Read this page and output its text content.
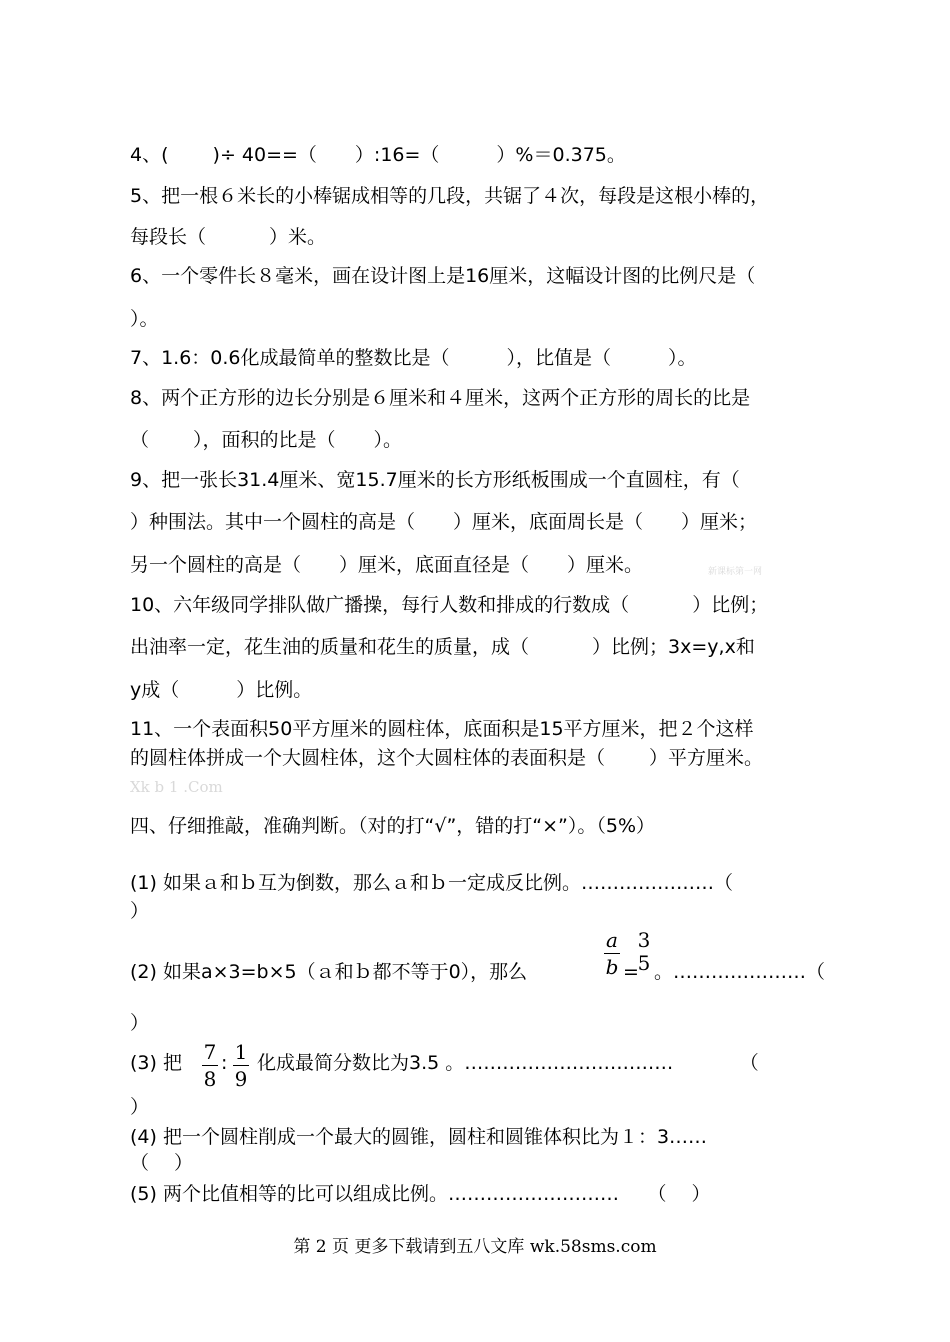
4、(　　 )÷ 40==（　　）:16=（　　　）%＝0.375。
5、把一根６米长的小棒锯成相等的几段，共锯了４次，每段是这根小棒的，
每段长（　　 　）米。
6、一个零件长８毫米，画在设计图上是16厘米，这幅设计图的比例尺是（
）。
7、1.6：0.6化成最简单的整数比是（　　　），比值是（　　　）。
8、两个正方形的边长分别是６厘米和４厘米，这两个正方形的周长的比是
（　　 ），面积的比是（　　）。
9、把一张长31.4厘米、宽15.7厘米的长方形纸板围成一个直圆柱，有（
）种围法。其中一个圆柱的高是（　　）厘米，底面周长是（　　）厘米；
另一个圆柱的高是（　　）厘米，底面直径是（　　）厘米。
10、六年级同学排队做广播操，每行人数和排成的行数成（　　　 ）比例；
出油率一定，花生油的质量和花生的质量，成（　　　 ）比例；3x=y,x和
y成（　　　）比例。
11、一个表面积50平方厘米的圆柱体，底面积是15平方厘米，把２个这样
的圆柱体拼成一个大圆柱体，这个大圆柱体的表面积是（　　 ）平方厘米。
新课标第一网
Xk b 1 .Com
四、仔细推敲，准确判断。（对的打“√”，错的打“×”）。（5%）
(1) 如果ａ和ｂ互为倒数，那么ａ和ｂ一定成反比例。…………………（
）
(2) 如果a×3=b×5（ａ和ｂ都不等于0），那么
a
b =
3
5 。…………………（
）
(3) 把 7
8
: 1
9
化成最简分数比为3.5 。……………………………　　　　（
）
(4) 把一个圆柱削成一个最大的圆锥，圆柱和圆锥体积比为１：3……
（　 ）
(5) 两个比值相等的比可以组成比例。………………………　　（　 ）
第 2 页 更多下载请到五八文库 wk.58sms.com
